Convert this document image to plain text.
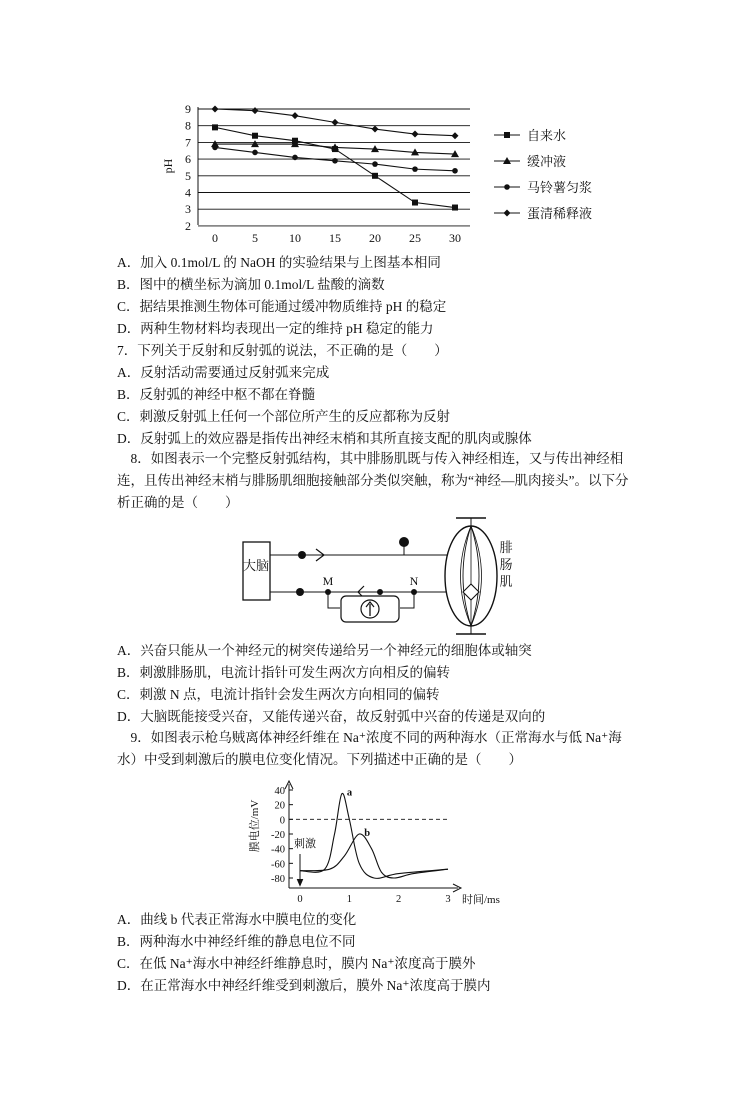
9
8
7
6
5
4
3
2
0	5	10 15 20 25 30
pH
自来水
缓冲液
马铃薯匀浆
蛋清稀释液
A．加入 0.1mol/L 的 NaOH 的实验结果与上图基本相同
B．图中的横坐标为滴加 0.1mol/L 盐酸的滴数
C．据结果推测生物体可能通过缓冲物质维持 pH 的稳定
D．两种生物材料均表现出一定的维持 pH 稳定的能力
7．下列关于反射和反射弧的说法，不正确的是（　　）
A．反射活动需要通过反射弧来完成
B．反射弧的神经中枢不都在脊髓
C．刺激反射弧上任何一个部位所产生的反应都称为反射
D．反射弧上的效应器是指传出神经末梢和其所直接支配的肌肉或腺体
8．如图表示一个完整反射弧结构，其中腓肠肌既与传入神经相连，又与传出神经相连，且传出神经末梢与腓肠肌细胞接触部分类似突触，称为“神经—肌肉接头”。以下分析正确的是（　　）
大脑
M	N
腓
肠
肌
A．兴奋只能从一个神经元的树突传递给另一个神经元的细胞体或轴突
B．刺激腓肠肌，电流计指针可发生两次方向相反的偏转
C．刺激 N 点，电流计指针会发生两次方向相同的偏转
D．大脑既能接受兴奋，又能传递兴奋，故反射弧中兴奋的传递是双向的
9．如图表示枪乌贼离体神经纤维在 Na⁺浓度不同的两种海水（正常海水与低 Na⁺海水）中受到刺激后的膜电位变化情况。下列描述中正确的是（　　）
40
20
0
-20
-40
-60
-80
0	1	2	3
膜电位/mV
时间/ms
刺激
a
b
A．曲线 b 代表正常海水中膜电位的变化
B．两种海水中神经纤维的静息电位不同
C．在低 Na⁺海水中神经纤维静息时，膜内 Na⁺浓度高于膜外
D．在正常海水中神经纤维受到刺激后，膜外 Na⁺浓度高于膜内
